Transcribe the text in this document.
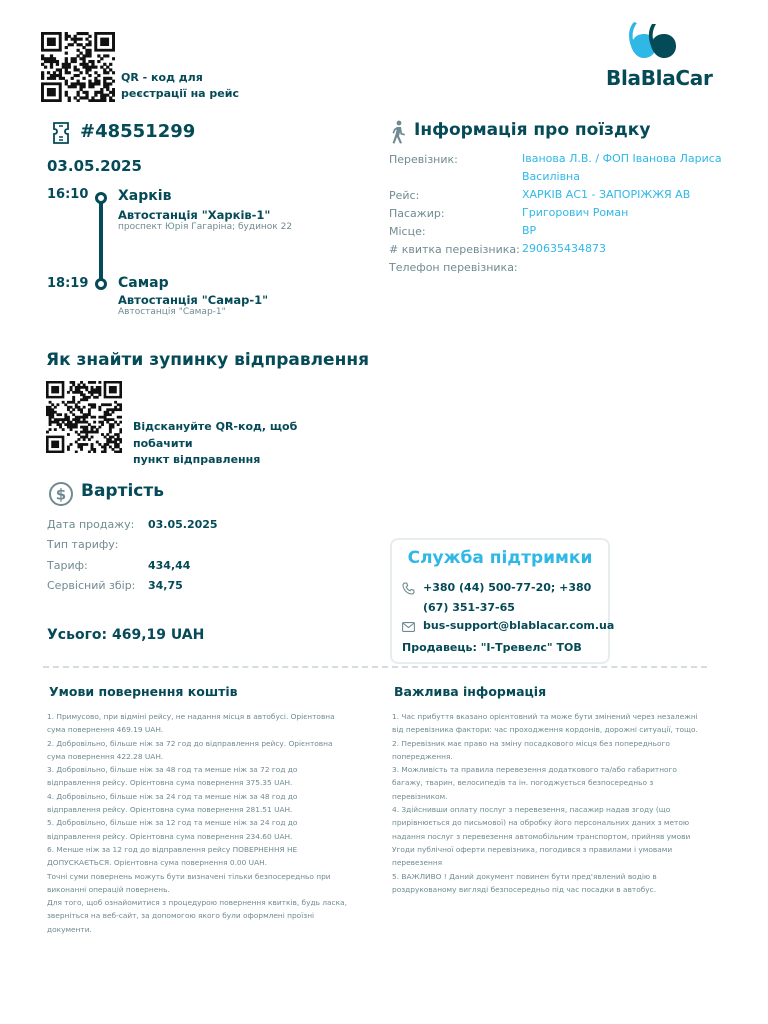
QR - код для
реєстрації на рейс
BlaBlaCar
#48551299
03.05.2025
16:10
18:19
Харків
Автостанція "Харків-1"
проспект Юрія Гагаріна; будинок 22
Самар
Автостанція "Самар-1"
Автостанція "Самар-1"
Інформація про поїздку
Перевізник:	Іванова Л.В. / ФОП Іванова Лариса Василівна
Рейс:	ХАРКІВ АС1 - ЗАПОРІЖЖЯ АВ
Пасажир:	Григорович Роман
Місце:	ВР
# квитка перевізника: 290635434873
Телефон перевізника:
Як знайти зупинку відправлення
Відскануйте QR-код, щоб побачити
пункт відправлення
$ Вартість
Дата продажу: 03.05.2025
Тип тарифу:
Тариф:	434,44
Сервісний збір: 34,75
Усього: 469,19 UAH
Служба підтримки
+380 (44) 500-77-20; +380 (67) 351-37-65
bus-support@blablacar.com.ua
Продавець: "І-Тревелс" ТОВ
Умови повернення коштів

1. Примусово, при відміні рейсу, не надання місця в автобусі. Орієнтовна

сума повернення 469.19 UAH.

2. Добровільно, більше ніж за 72 год до відправлення рейсу. Орієнтовна

сума повернення 422.28 UAH.

3. Добровільно, більше ніж за 48 год та менше ніж за 72 год до

відправлення рейсу. Орієнтовна сума повернення 375.35 UAH.

4. Добровільно, більше ніж за 24 год та менше ніж за 48 год до

відправлення рейсу. Орієнтовна сума повернення 281.51 UAH.

5. Добровільно, більше ніж за 12 год та менше ніж за 24 год до

відправлення рейсу. Орієнтовна сума повернення 234.60 UAH.

6. Менше ніж за 12 год до відправлення рейсу ПОВЕРНЕННЯ НЕ

ДОПУСКАЄТЬСЯ. Орієнтовна сума повернення 0.00 UAH.

Точні суми повернень можуть бути визначені тільки безпосередньо при

виконанні операцій повернень.

Для того, щоб ознайомитися з процедурою повернення квитків, будь ласка,

зверніться на веб-сайт, за допомогою якого були оформлені проїзні

документи.

Важлива інформація

1. Час прибуття вказано орієнтовний та може бути змінений через незалежні

від перевізника фактори: час проходження кордонів, дорожні ситуації, тощо.

2. Перевізник має право на зміну посадкового місця без попереднього

попередження.

3. Можливість та правила перевезення додаткового та/або габаритного

багажу, тварин, велосипедів та ін. погоджується безпосередньо з

перевізником.

4. Здійснивши оплату послуг з перевезення, пасажир надав згоду (що

прирівнюється до письмової) на обробку його персональних даних з метою

надання послуг з перевезення автомобільним транспортом, прийняв умови

Угоди публічної оферти перевізника, погодився з правилами і умовами

перевезення

5. ВАЖЛИВО ! Даний документ повинен бути пред'явлений водію в

роздрукованому вигляді безпосередньо під час посадки в автобус.
